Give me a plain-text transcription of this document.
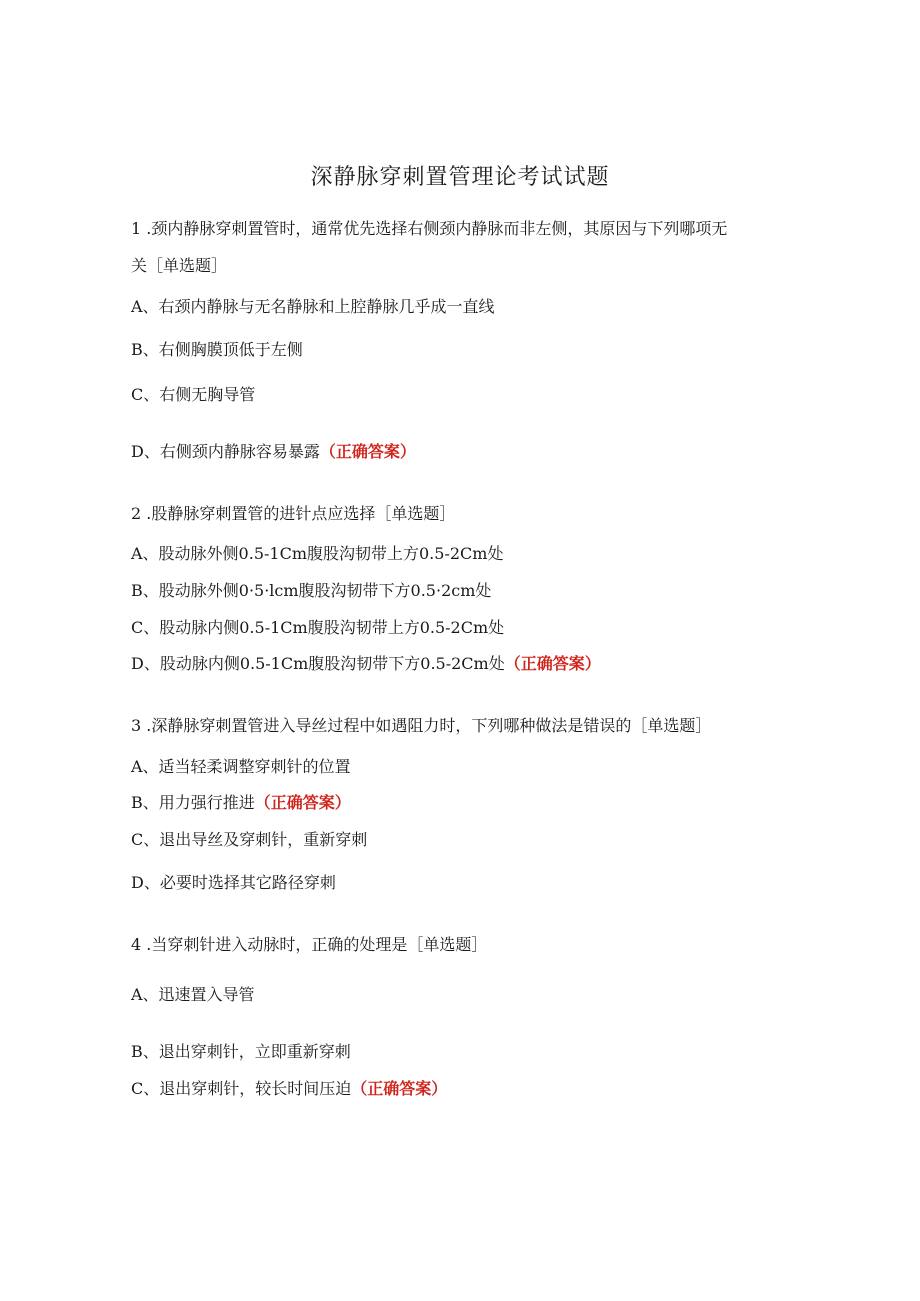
深静脉穿刺置管理论考试试题
1 .颈内静脉穿刺置管时，通常优先选择右侧颈内静脉而非左侧，其原因与下列哪项无
关［单选题］
A、右颈内静脉与无名静脉和上腔静脉几乎成一直线
B、右侧胸膜顶低于左侧
C、右侧无胸导管
D、右侧颈内静脉容易暴露（正确答案）
2 .股静脉穿刺置管的进针点应选择［单选题］
A、股动脉外侧0.5-1Cm腹股沟韧带上方0.5-2Cm处
B、股动脉外侧0·5·lcm腹股沟韧带下方0.5·2cm处
C、股动脉内侧0.5-1Cm腹股沟韧带上方0.5-2Cm处
D、股动脉内侧0.5-1Cm腹股沟韧带下方0.5-2Cm处（正确答案）
3 .深静脉穿刺置管进入导丝过程中如遇阻力时，下列哪种做法是错误的［单选题］
A、适当轻柔调整穿刺针的位置
B、用力强行推进（正确答案）
C、退出导丝及穿刺针，重新穿刺
D、必要时选择其它路径穿刺
4 .当穿刺针进入动脉时，正确的处理是［单选题］
A、迅速置入导管
B、退出穿刺针，立即重新穿刺
C、退出穿刺针，较长时间压迫（正确答案）
